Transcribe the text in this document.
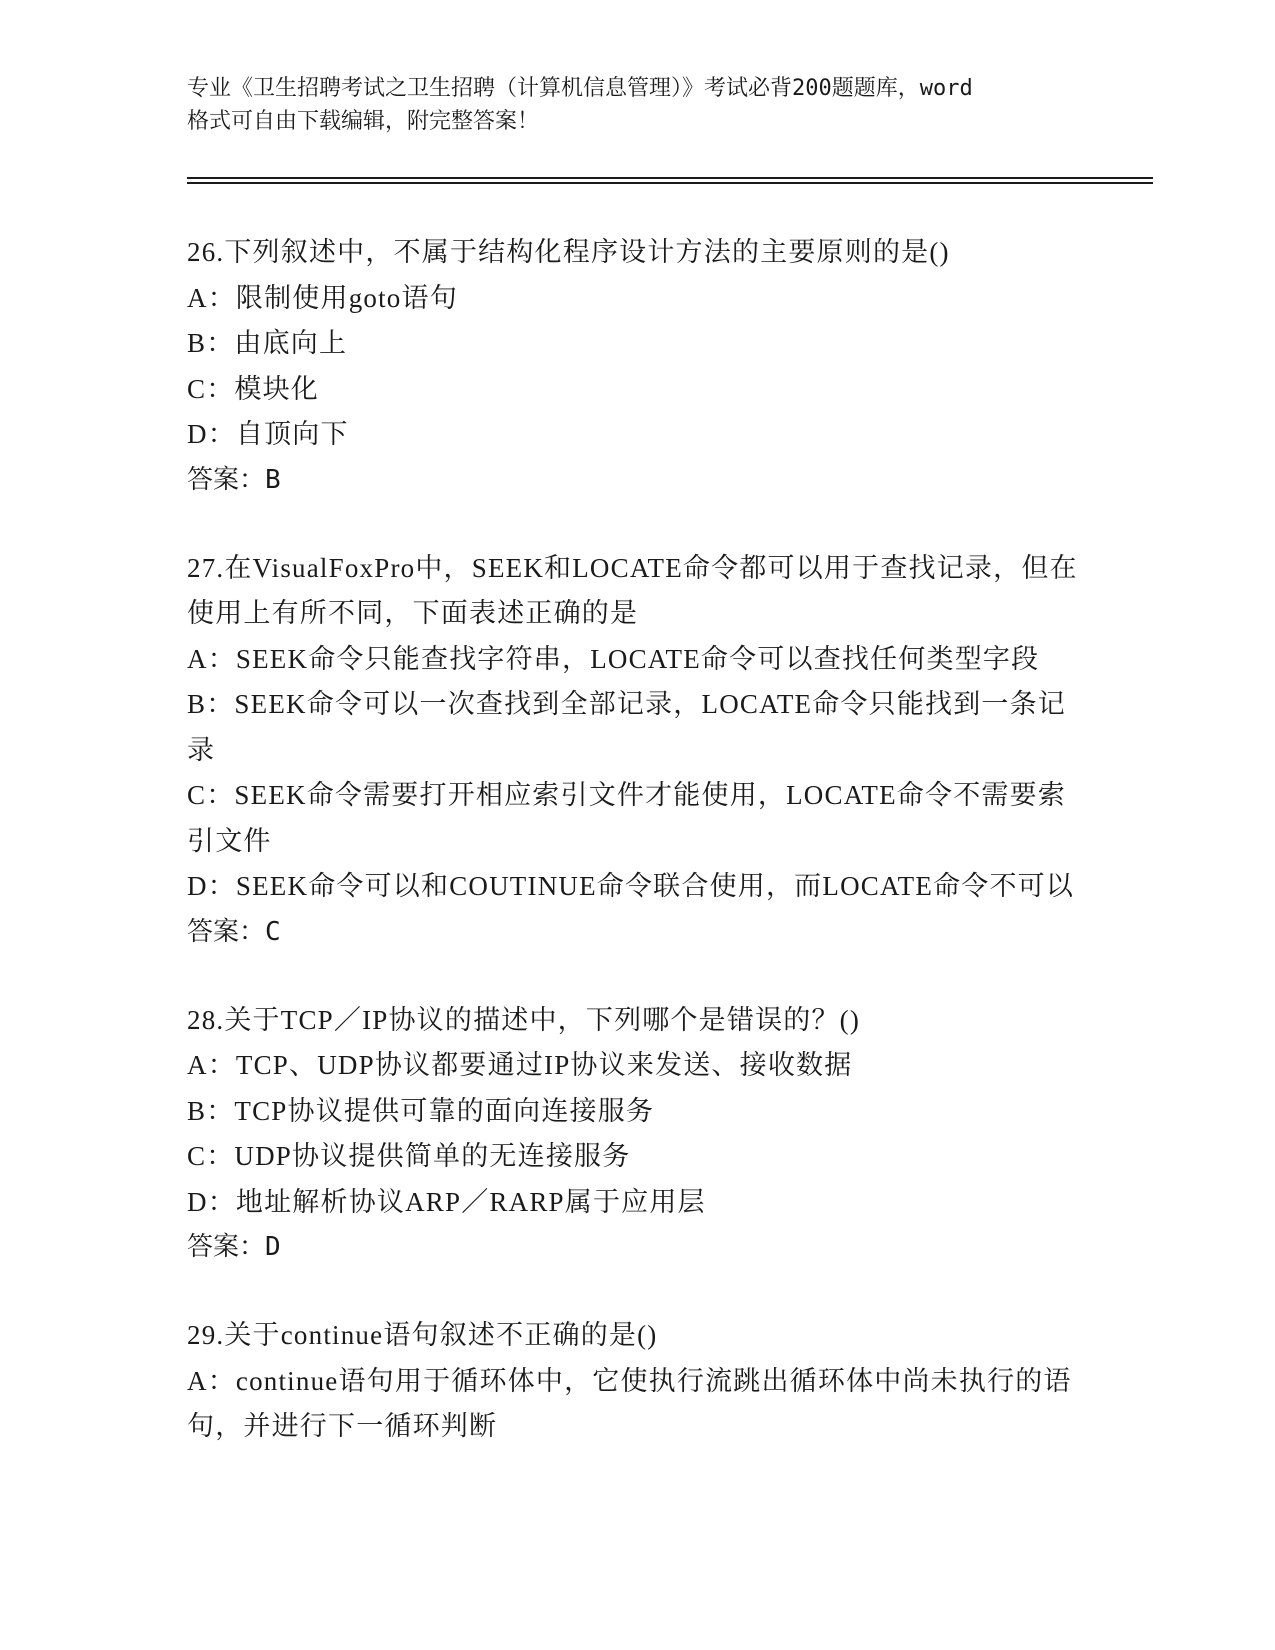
专业《卫生招聘考试之卫生招聘（计算机信息管理）》考试必背200题题库，word
格式可自由下载编辑，附完整答案！
26.下列叙述中，不属于结构化程序设计方法的主要原则的是()
A：限制使用goto语句
B：由底向上
C：模块化
D：自顶向下
答案：B
27.在VisualFoxPro中，SEEK和LOCATE命令都可以用于查找记录，但在使用上有所不同，下面表述正确的是
A：SEEK命令只能查找字符串，LOCATE命令可以查找任何类型字段
B：SEEK命令可以一次查找到全部记录，LOCATE命令只能找到一条记录
C：SEEK命令需要打开相应索引文件才能使用，LOCATE命令不需要索引文件
D：SEEK命令可以和COUTINUE命令联合使用，而LOCATE命令不可以
答案：C
28.关于TCP／IP协议的描述中，下列哪个是错误的？()
A：TCP、UDP协议都要通过IP协议来发送、接收数据
B：TCP协议提供可靠的面向连接服务
C：UDP协议提供简单的无连接服务
D：地址解析协议ARP／RARP属于应用层
答案：D
29.关于continue语句叙述不正确的是()
A：continue语句用于循环体中，它使执行流跳出循环体中尚未执行的语句，并进行下一循环判断
